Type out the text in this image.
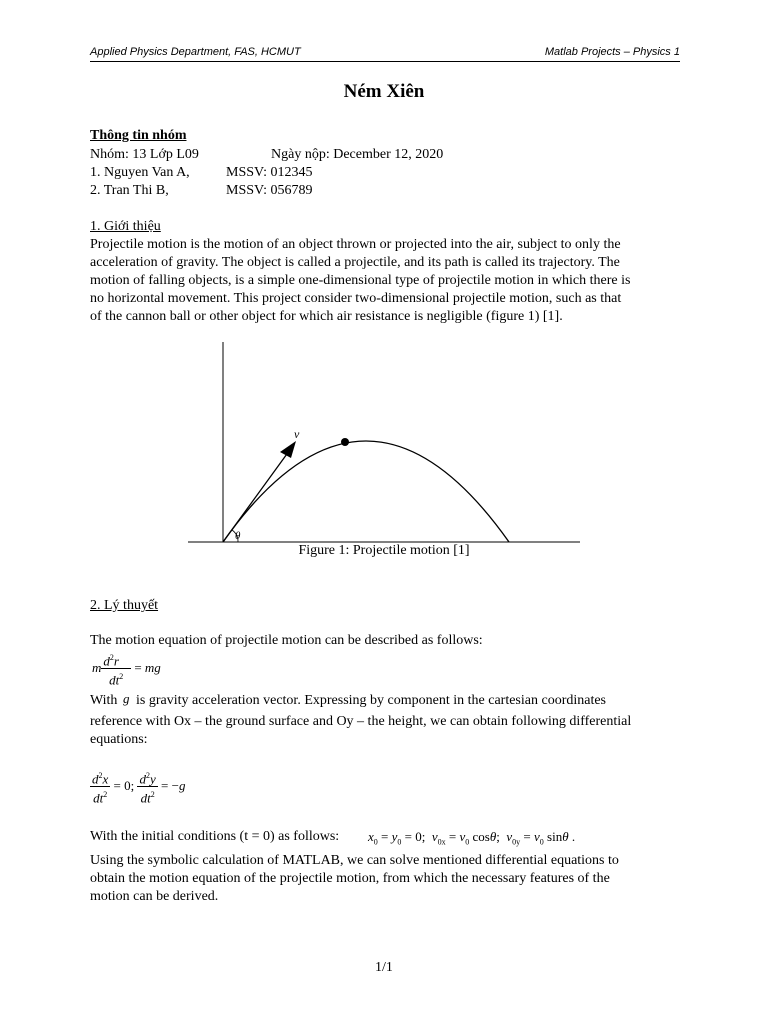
Applied Physics Department, FAS, HCMUT	Matlab Projects – Physics 1
Ném Xiên
Thông tin nhóm
Nhóm: 13 Lớp L09	Ngày nộp: December 12, 2020
1. Nguyen Van A,	MSSV: 012345
2. Tran Thi B,	MSSV: 056789
1. Giới thiệu
Projectile motion is the motion of an object thrown or projected into the air, subject to only the
acceleration of gravity. The object is called a projectile, and its path is called its trajectory. The
motion of falling objects, is a simple one-dimensional type of projectile motion in which there is
no horizontal movement. This project consider two-dimensional projectile motion, such as that
of the cannon ball or other object for which air resistance is negligible (figure 1) [1].
v
θ
Figure 1: Projectile motion [1]
2. Lý thuyết
The motion equation of projectile motion can be described as follows:
m $\frac{d^2r⃗}{dt^2}$ = mg⃗
With g⃗
is gravity acceleration vector. Expressing by component in the cartesian coordinates
reference with Ox – the ground surface and Oy – the height, we can obtain following differential
equations:
$\frac{d^2x}{dt^2} = 0$; $\frac{d^2y}{dt^2} = -g$
With the initial conditions (t = 0) as follows: $x_0 = y_0 = 0$;  $v_{0x} = v_0$ cosθ;  $v_{0y} = v_0$ sinθ .
Using the symbolic calculation of MATLAB, we can solve mentioned differential equations to
obtain the motion equation of the projectile motion, from which the necessary features of the
motion can be derived.
1/1
